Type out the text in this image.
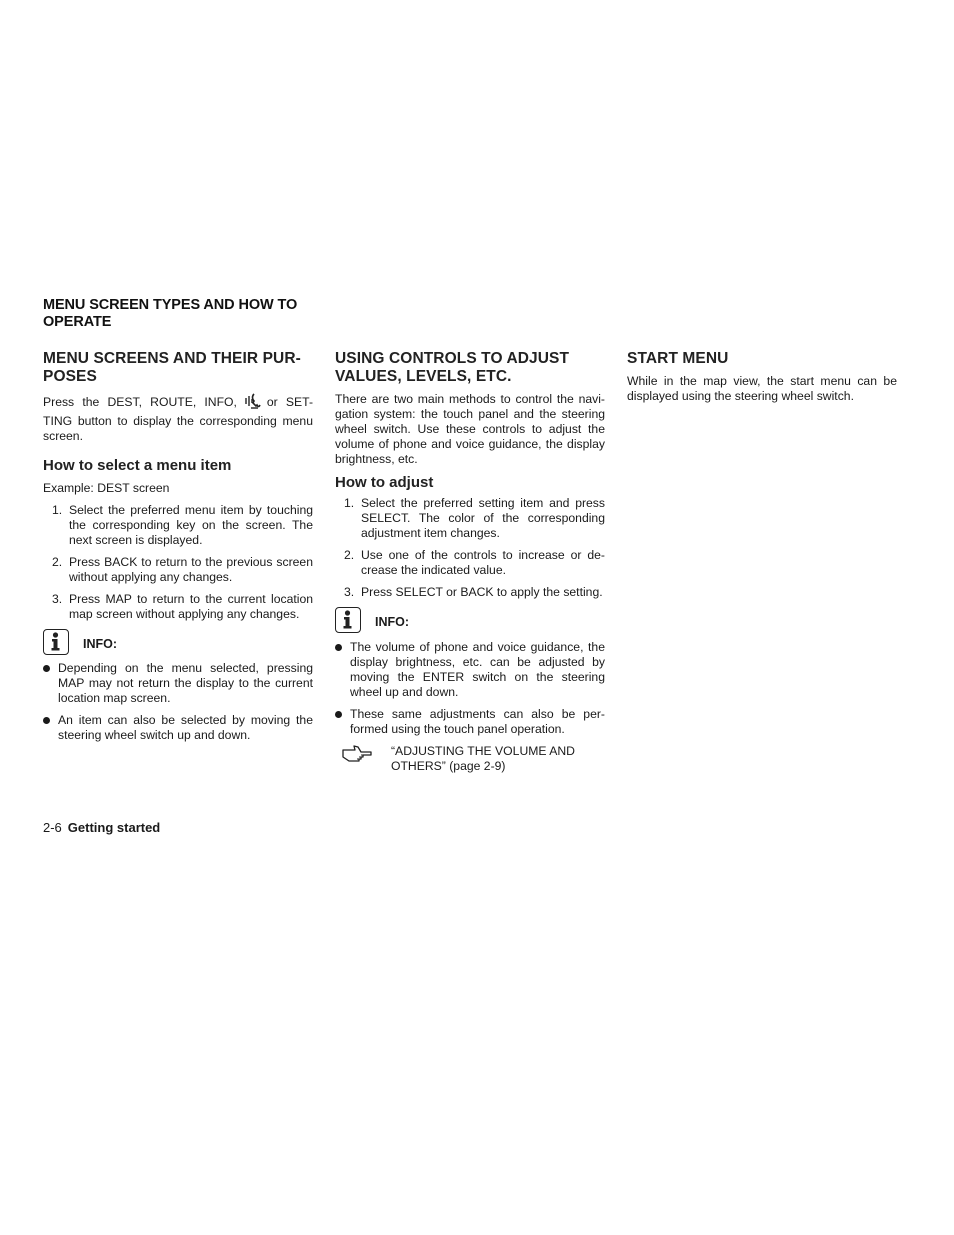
MENU SCREEN TYPES AND HOW TO OPERATE
MENU SCREENS AND THEIR PUR-POSES

Press the DEST, ROUTE, INFO, or SET-TING button to display the corresponding menu screen.

How to select a menu item

Example: DEST screen

1. Select the preferred menu item by touching the corresponding key on the screen. The next screen is displayed.
2. Press BACK to return to the previous screen without applying any changes.
3. Press MAP to return to the current location map screen without applying any changes.
INFO:
Depending on the menu selected, pressing MAP may not return the display to the current location map screen.
An item can also be selected by moving the steering wheel switch up and down.
USING CONTROLS TO ADJUST VALUES, LEVELS, ETC.

There are two main methods to control the navi-gation system: the touch panel and the steering wheel switch. Use these controls to adjust the volume of phone and voice guidance, the display brightness, etc.

How to adjust
1. Select the preferred setting item and press SELECT. The color of the corresponding adjustment item changes.
2. Use one of the controls to increase or de-crease the indicated value.
3. Press SELECT or BACK to apply the setting.
INFO:
The volume of phone and voice guidance, the display brightness, etc. can be adjusted by moving the ENTER switch on the steering wheel up and down.
These same adjustments can also be per-formed using the touch panel operation.
“ADJUSTING THE VOLUME AND OTHERS” (page 2-9)
START MENU

While in the map view, the start menu can be displayed using the steering wheel switch.

2-6 Getting started
